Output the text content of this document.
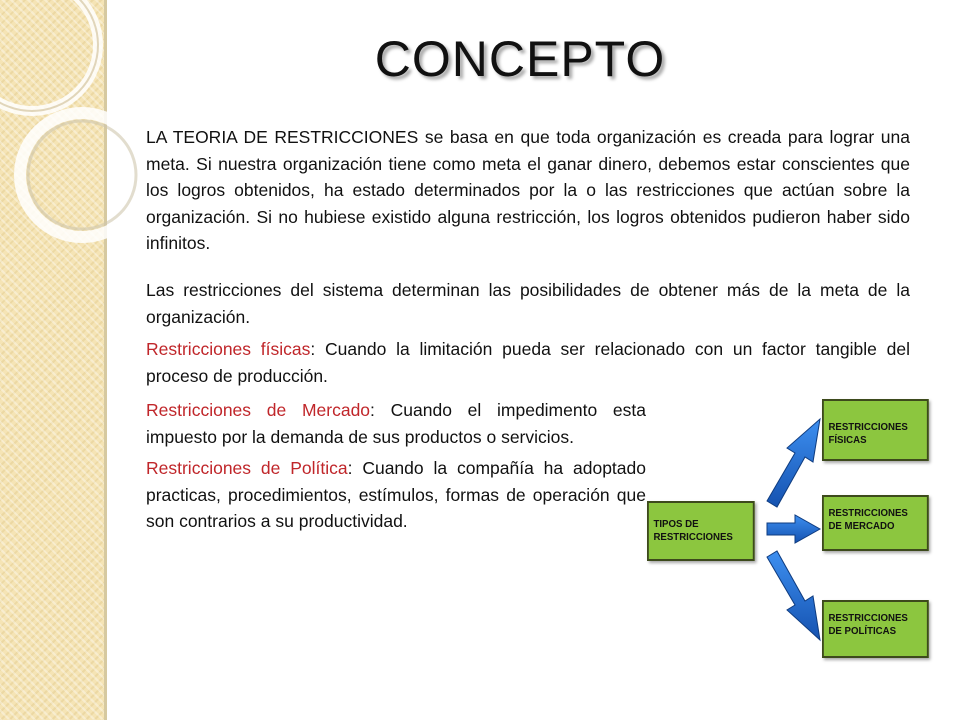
CONCEPTO

LA TEORIA DE RESTRICCIONES se basa en que toda organización es creada para lograr una meta. Si nuestra organización tiene como meta el ganar dinero, debemos estar conscientes que los logros obtenidos, ha estado determinados por la o las restricciones que actúan sobre la organización. Si no hubiese existido alguna restricción, los logros obtenidos pudieron haber sido infinitos.

Las restricciones del sistema determinan las posibilidades de obtener más de la meta de la organización.

Restricciones físicas: Cuando la limitación pueda ser relacionado con un factor tangible del proceso de producción.

Restricciones de Mercado: Cuando el impedimento esta impuesto por la demanda de sus productos o servicios.

Restricciones de Política: Cuando la compañía ha adoptado practicas, procedimientos, estímulos, formas de operación que son contrarios a su productividad.	TIPOS DE RESTRICCIONES
RESTRICCIONES FÍSICAS
RESTRICCIONES DE MERCADO
RESTRICCIONES DE POLÍTICAS
